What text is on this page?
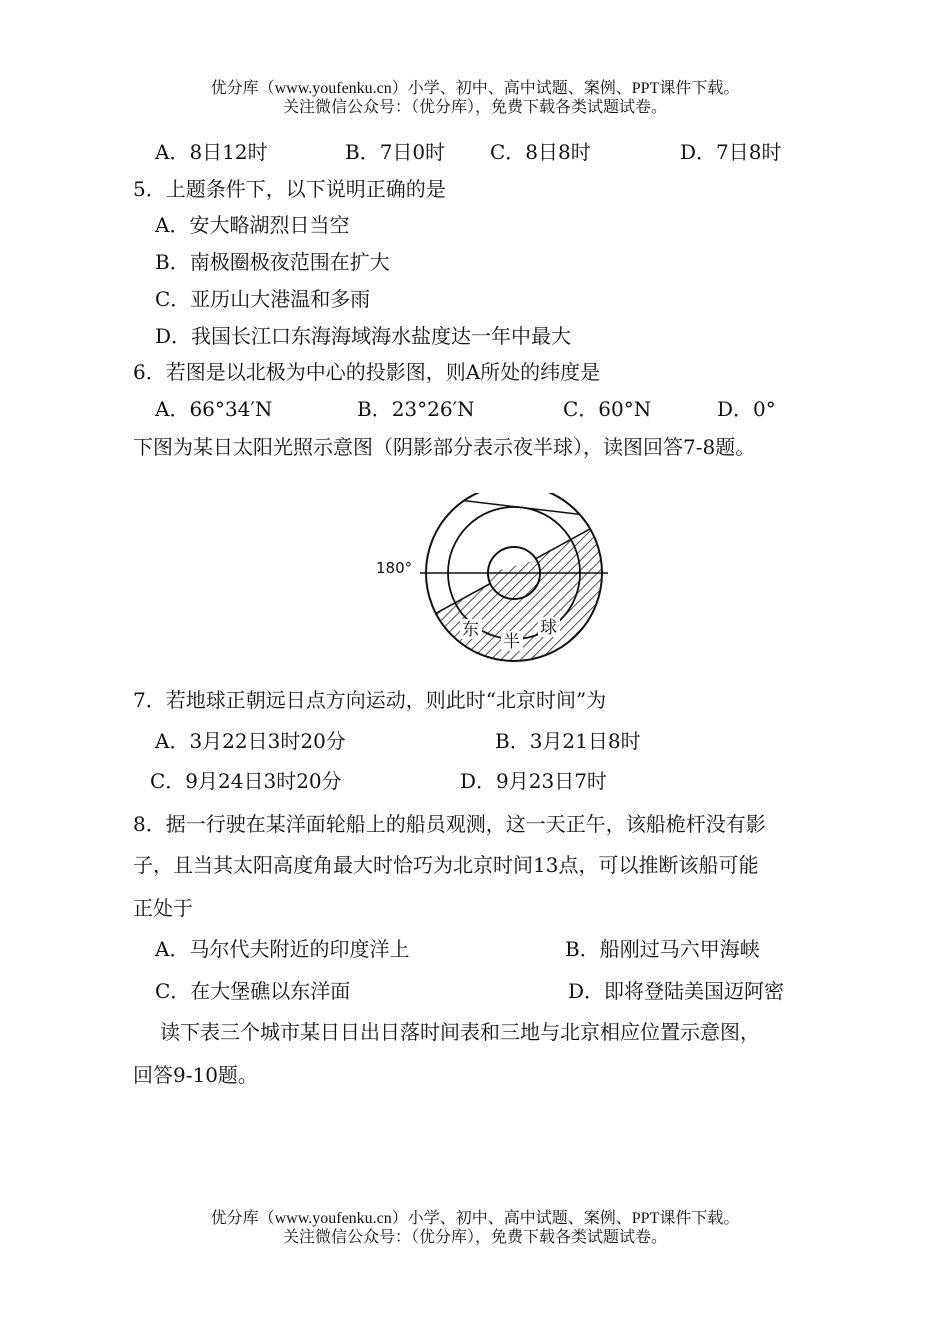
优分库（www.youfenku.cn）小学、初中、高中试题、案例、PPT课件下载。
关注微信公众号：（优分库），免费下载各类试题试卷。
A．8日12时	B．7日0时 C．8日8时	D．7日8时
5．上题条件下，以下说明正确的是
A．安大略湖烈日当空
B．南极圈极夜范围在扩大
C．亚历山大港温和多雨
D．我国长江口东海海域海水盐度达一年中最大
6．若图是以北极为中心的投影图，则A所处的纬度是
A．66°34′N	B．23°26′N	C．60°N	D．0°
下图为某日太阳光照示意图（阴影部分表示夜半球），读图回答7-8题。
180°
东
半
球
7．若地球正朝远日点方向运动，则此时“北京时间”为
A．3月22日3时20分	B．3月21日8时
C．9月24日3时20分	D．9月23日7时
8．据一行驶在某洋面轮船上的船员观测，这一天正午，该船桅杆没有影
子，且当其太阳高度角最大时恰巧为北京时间13点，可以推断该船可能
正处于
A．马尔代夫附近的印度洋上	B．船刚过马六甲海峡
C．在大堡礁以东洋面	D．即将登陆美国迈阿密
读下表三个城市某日日出日落时间表和三地与北京相应位置示意图，
回答9-10题。
优分库（www.youfenku.cn）小学、初中、高中试题、案例、PPT课件下载。
关注微信公众号：（优分库），免费下载各类试题试卷。
